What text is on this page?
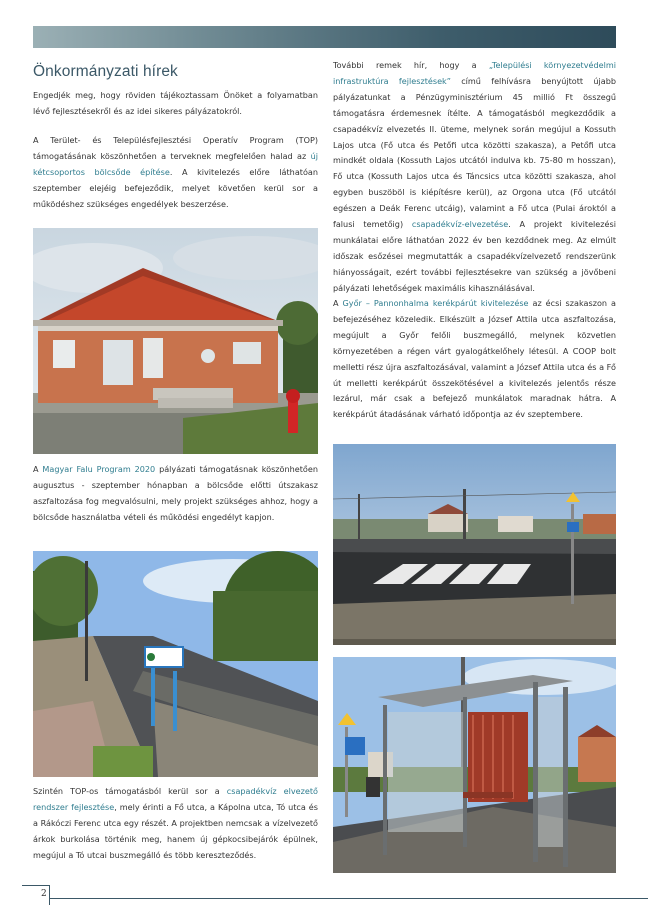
Önkormányzati hírek

Engedjék meg, hogy röviden tájékoztassam Önöket a folyamatban lévő fejlesztésekről és az idei sikeres pályázatokról.

A Terület- és Településfejlesztési Operatív Program (TOP) támogatásának köszönhetően a terveknek megfelelően halad az új kétcsoportos bölcsőde építése. A kivitelezés előre láthatóan szeptember elejéig befejeződik, melyet követően kerül sor a működéshez szükséges engedélyek beszerzése.

A Magyar Falu Program 2020 pályázati támogatásnak köszönhetően augusztus - szeptember hónapban a bölcsőde előtti útszakasz aszfaltozása fog megvalósulni, mely projekt szükséges ahhoz, hogy a bölcsőde használatba vételi és működési engedélyt kapjon.

Szintén TOP-os támogatásból kerül sor a csapadékvíz elvezető rendszer fejlesztése, mely érinti a Fő utca, a Kápolna utca, Tó utca és a Rákóczi Ferenc utca egy részét. A projektben nemcsak a vízelvezető árkok burkolása történik meg, hanem új gépkocsibejárók épülnek, megújul a Tó utcai buszmegálló és több kereszteződés.

További remek hír, hogy a „Települési környezetvédelmi infrastruktúra fejlesztések” című felhívásra benyújtott újabb pályázatunkat a Pénzügyminisztérium 45 millió Ft összegű támogatásra érdemesnek ítélte. A támogatásból megkezdődik a csapadékvíz elvezetés II. üteme, melynek során megújul a Kossuth Lajos utca (Fő utca és Petőfi utca közötti szakasza), a Petőfi utca mindkét oldala (Kossuth Lajos utcától indulva kb. 75-80 m hosszan), Fő utca (Kossuth Lajos utca és Táncsics utca közötti szakasza, ahol egyben buszöböl is kiépítésre kerül), az Orgona utca (Fő utcától egészen a Deák Ferenc utcáig), valamint a Fő utca (Pulai ároktól a falusi temetőig) csapadékvíz-elvezetése. A projekt kivitelezési munkálatai előre láthatóan 2022 év ben kezdődnek meg. Az elmúlt időszak esőzései megmutatták a csapadékvízelvezető rendszerünk hiányosságait, ezért további fejlesztésekre van szükség a jövőbeni pályázati lehetőségek maximális kihasználásával.

A Győr – Pannonhalma kerékpárút kivitelezése az écsi szakaszon a befejezéséhez közeledik. Elkészült a József Attila utca aszfaltozása, megújult a Győr felőli buszmegálló, melynek közvetlen környezetében a régen várt gyalogátkelőhely létesül. A COOP bolt melletti rész újra aszfaltozásával, valamint a József Attila utca és a Fő út melletti kerékpárút összekötésével a kivitelezés jelentős része lezárul, már csak a befejező munkálatok maradnak hátra. A kerékpárút átadásának várható időpontja az év szeptembere.

2
